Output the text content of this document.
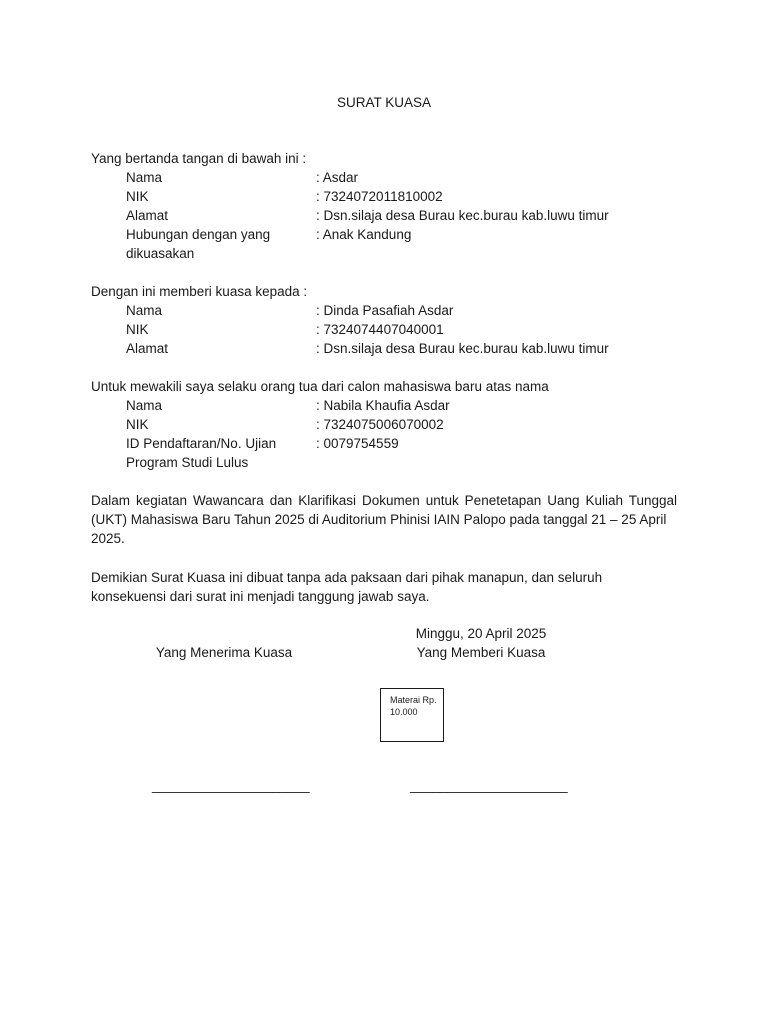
SURAT KUASA
Yang bertanda tangan di bawah ini :
Nama	: Asdar
NIK	: 7324072011810002
Alamat	: Dsn.silaja desa Burau kec.burau kab.luwu timur
Hubungan dengan yang	: Anak Kandung
dikuasakan
Dengan ini memberi kuasa kepada :
Nama	: Dinda Pasafiah Asdar
NIK	: 7324074407040001
Alamat	: Dsn.silaja desa Burau kec.burau kab.luwu timur
Untuk mewakili saya selaku orang tua dari calon mahasiswa baru atas nama
Nama	: Nabila Khaufia Asdar
NIK	: 7324075006070002
ID Pendaftaran/No. Ujian	: 0079754559
Program Studi Lulus
Dalam kegiatan Wawancara dan Klarifikasi Dokumen untuk Penetetapan Uang Kuliah Tunggal (UKT) Mahasiswa Baru Tahun 2025 di Auditorium Phinisi IAIN Palopo pada tanggal 21 – 25 April
2025.
Demikian Surat Kuasa ini dibuat tanpa ada paksaan dari pihak manapun, dan seluruh
konsekuensi dari surat ini menjadi tanggung jawab saya.
Minggu, 20 April 2025
Yang Memberi Kuasa
Yang Menerima Kuasa
Materai Rp.
10.000
_____________________	_____________________
